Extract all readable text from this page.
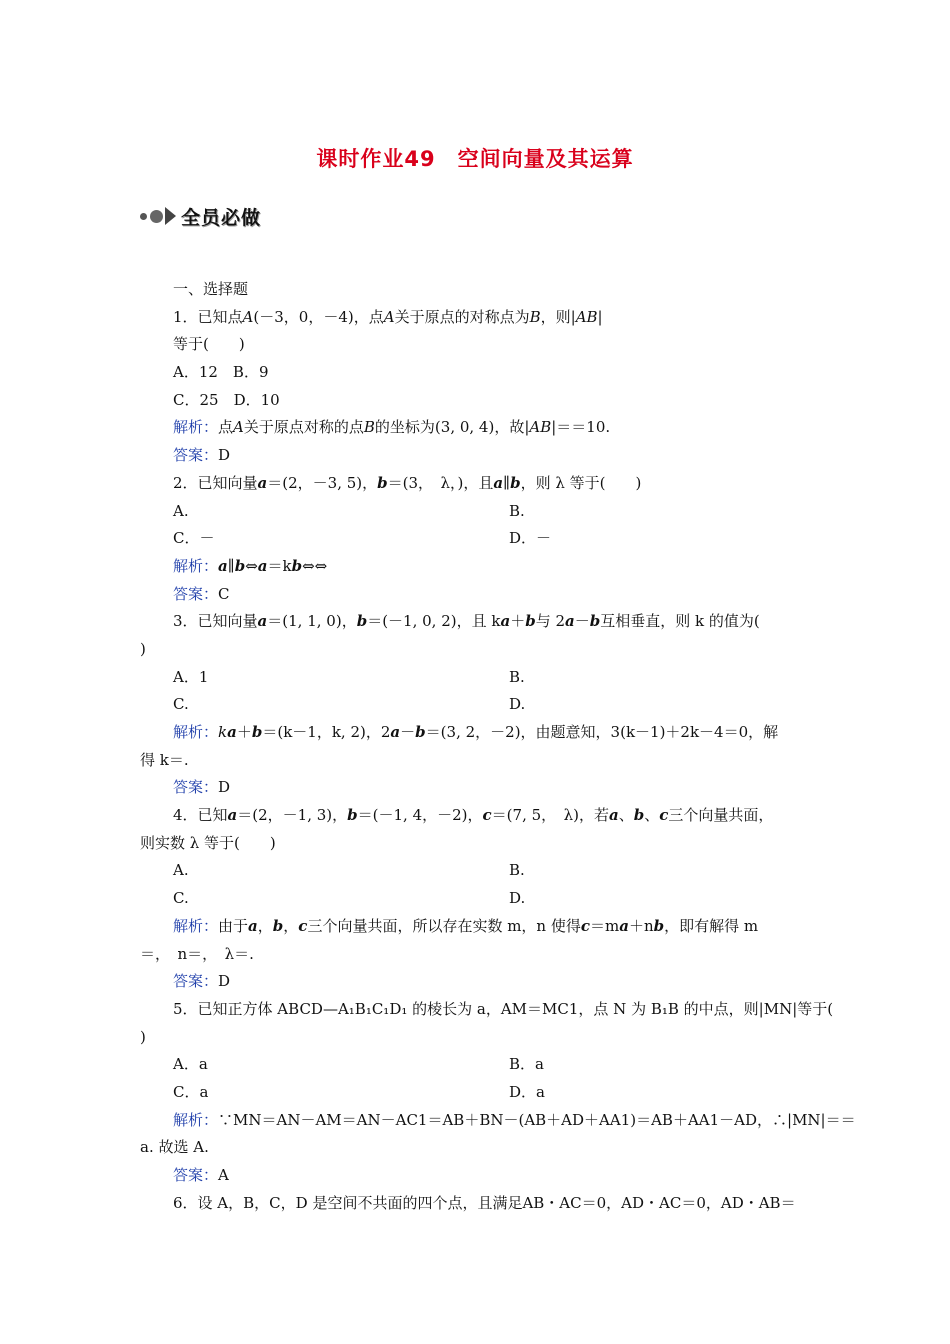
课时作业49　空间向量及其运算
全员必做
一、选择题
1．已知点A(－3，0，－4)，点A关于原点的对称点为B，则|AB|
等于(　　)
A．12　B．9
C．25　D．10
解析：点A关于原点对称的点B的坐标为(3, 0, 4)，故|AB|＝＝10.
答案：D
2．已知向量a＝(2，－3, 5)，b＝(3，　λ，)，且a∥b，则 λ 等于(　　)
A.	B.
C．－	D．－
解析：a∥b⇔a＝kb⇔⇔
答案：C
3．已知向量a＝(1, 1, 0)，b＝(－1, 0, 2)，且 ka＋b与 2a－b互相垂直，则 k 的值为(
)
A．1	B.
C.	D.
解析：ka＋b＝(k－1，k, 2)，2a－b＝(3, 2，－2)，由题意知，3(k－1)＋2k－4＝0，解
得 k＝.
答案：D
4．已知a＝(2，－1, 3)，b＝(－1, 4，－2)，c＝(7, 5，　λ)，若a、b、c三个向量共面，
则实数 λ 等于(　　)
A.	B.
C.	D.
解析：由于a，b，c三个向量共面，所以存在实数 m，n 使得c＝ma＋nb，即有解得 m
＝，　n＝，　λ＝.
答案：D
5．已知正方体 ABCD—A₁B₁C₁D₁ 的棱长为 a，AM＝MC1，点 N 为 B₁B 的中点，则|MN|等于(
)
A．a	B．a
C．a	D．a
解析：∵MN＝AN－AM＝AN－AC1＝AB＋BN－(AB＋AD＋AA1)＝AB＋AA1－AD，∴|MN|＝＝
a. 故选 A.
答案：A
6．设 A，B，C，D 是空间不共面的四个点，且满足AB・AC＝0，AD・AC＝0，AD・AB＝
